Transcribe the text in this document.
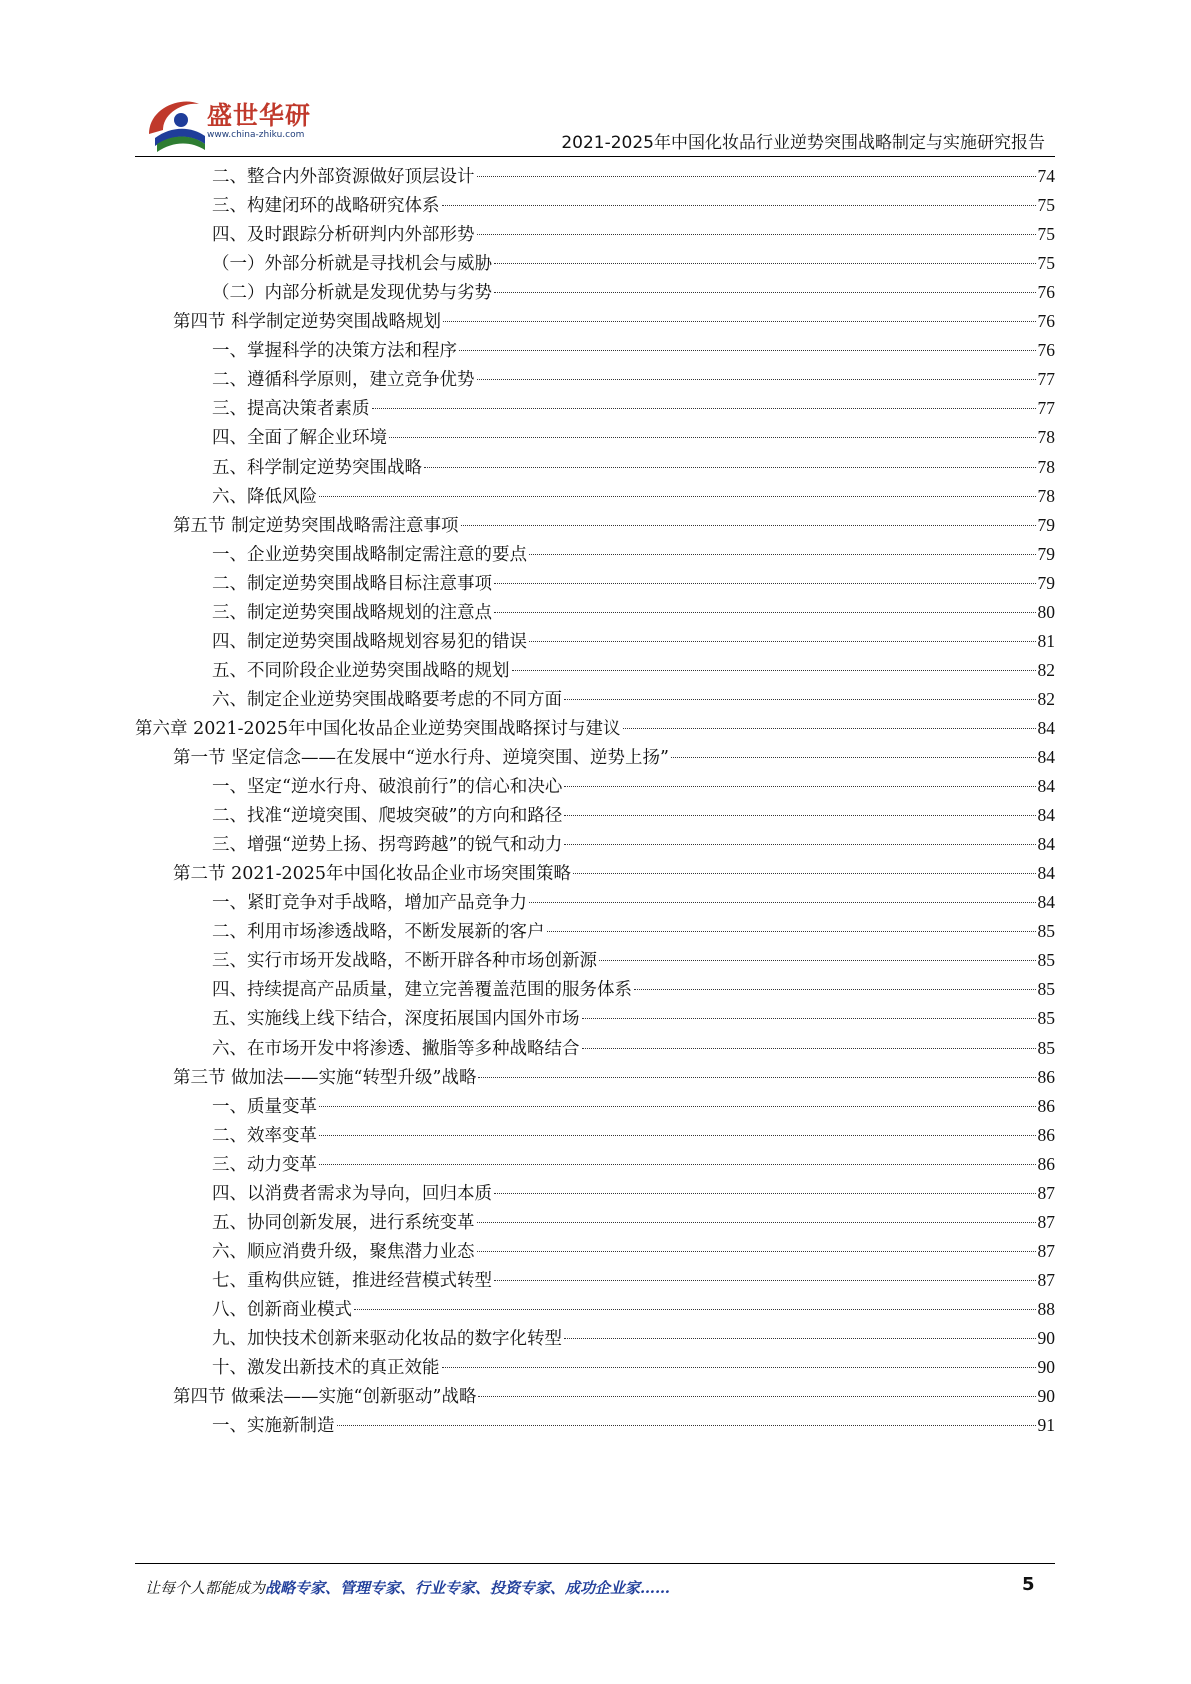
盛世华研
www.china-zhiku.com	2021-2025年中国化妆品行业逆势突围战略制定与实施研究报告
二、整合内外部资源做好顶层设计	74
三、构建闭环的战略研究体系	75
四、及时跟踪分析研判内外部形势	75
（一）外部分析就是寻找机会与威胁	75
（二）内部分析就是发现优势与劣势	76
第四节 科学制定逆势突围战略规划	76
一、掌握科学的决策方法和程序	76
二、遵循科学原则，建立竞争优势	77
三、提高决策者素质	77
四、全面了解企业环境	78
五、科学制定逆势突围战略	78
六、降低风险	78
第五节 制定逆势突围战略需注意事项	79
一、企业逆势突围战略制定需注意的要点	79
二、制定逆势突围战略目标注意事项	79
三、制定逆势突围战略规划的注意点	80
四、制定逆势突围战略规划容易犯的错误	81
五、不同阶段企业逆势突围战略的规划	82
六、制定企业逆势突围战略要考虑的不同方面	82
第六章 2021-2025年中国化妆品企业逆势突围战略探讨与建议	84
第一节 坚定信念——在发展中“逆水行舟、逆境突围、逆势上扬”	84
一、坚定“逆水行舟、破浪前行”的信心和决心	84
二、找准“逆境突围、爬坡突破”的方向和路径	84
三、增强“逆势上扬、拐弯跨越”的锐气和动力	84
第二节 2021-2025年中国化妆品企业市场突围策略	84
一、紧盯竞争对手战略，增加产品竞争力	84
二、利用市场渗透战略，不断发展新的客户	85
三、实行市场开发战略，不断开辟各种市场创新源	85
四、持续提高产品质量，建立完善覆盖范围的服务体系	85
五、实施线上线下结合，深度拓展国内国外市场	85
六、在市场开发中将渗透、撇脂等多种战略结合	85
第三节 做加法——实施“转型升级”战略	86
一、质量变革	86
二、效率变革	86
三、动力变革	86
四、以消费者需求为导向，回归本质	87
五、协同创新发展，进行系统变革	87
六、顺应消费升级，聚焦潜力业态	87
七、重构供应链，推进经营模式转型	87
八、创新商业模式	88
九、加快技术创新来驱动化妆品的数字化转型	90
十、激发出新技术的真正效能	90
第四节 做乘法——实施“创新驱动”战略	90
一、实施新制造	91
让每个人都能成为战略专家、管理专家、行业专家、投资专家、成功企业家……	5
